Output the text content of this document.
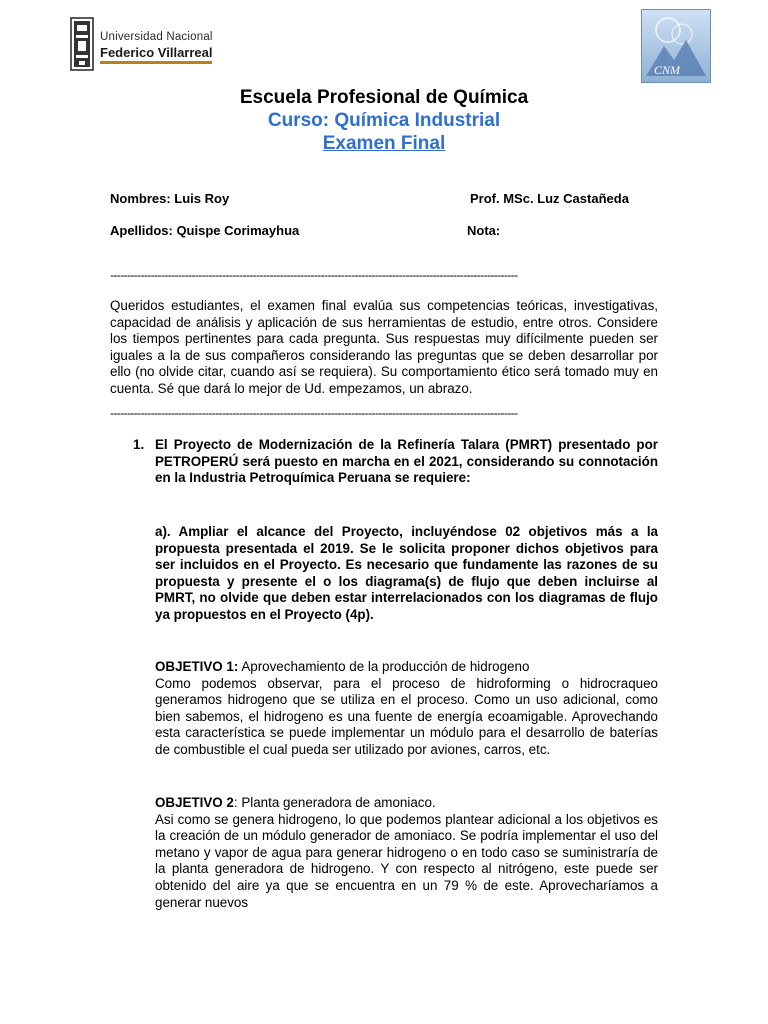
Universidad Nacional
Federico Villarreal
CNM
Escuela Profesional de Química
Curso: Química Industrial
Examen Final
Nombres: Luis Roy	Prof. MSc. Luz Castañeda
Apellidos: Quispe Corimayhua	Nota:
------------------------------------------------------------------------------------------------------------------------
Queridos estudiantes, el examen final evalúa sus competencias teóricas, investigativas, capacidad de análisis y aplicación de sus herramientas de estudio, entre otros. Considere los tiempos pertinentes para cada pregunta. Sus respuestas muy difícilmente pueden ser iguales a la de sus compañeros considerando las preguntas que se deben desarrollar por ello (no olvide citar, cuando así se requiera). Su comportamiento ético será tomado muy en cuenta. Sé que dará lo mejor de Ud. empezamos, un abrazo.
------------------------------------------------------------------------------------------------------------------------
1. El Proyecto de Modernización de la Refinería Talara (PMRT) presentado por PETROPERÚ será puesto en marcha en el 2021, considerando su connotación en la Industria Petroquímica Peruana se requiere:
a). Ampliar el alcance del Proyecto, incluyéndose 02 objetivos más a la propuesta presentada el 2019. Se le solicita proponer dichos objetivos para ser incluidos en el Proyecto. Es necesario que fundamente las razones de su propuesta y presente el o los diagrama(s) de flujo que deben incluirse al PMRT, no olvide que deben estar interrelacionados con los diagramas de flujo ya propuestos en el Proyecto (4p).
OBJETIVO 1: Aprovechamiento de la producción de hidrogeno
Como podemos observar, para el proceso de hidroforming o hidrocraqueo generamos hidrogeno que se utiliza en el proceso. Como un uso adicional, como bien sabemos, el hidrogeno es una fuente de energía ecoamigable. Aprovechando esta característica se puede implementar un módulo para el desarrollo de baterías de combustible el cual pueda ser utilizado por aviones, carros, etc.
OBJETIVO 2: Planta generadora de amoniaco.
Asi como se genera hidrogeno, lo que podemos plantear adicional a los objetivos es la creación de un módulo generador de amoniaco. Se podría implementar el uso del metano y vapor de agua para generar hidrogeno o en todo caso se suministraría de la planta generadora de hidrogeno. Y con respecto al nitrógeno, este puede ser obtenido del aire ya que se encuentra en un 79 % de este. Aprovecharíamos a generar nuevos
